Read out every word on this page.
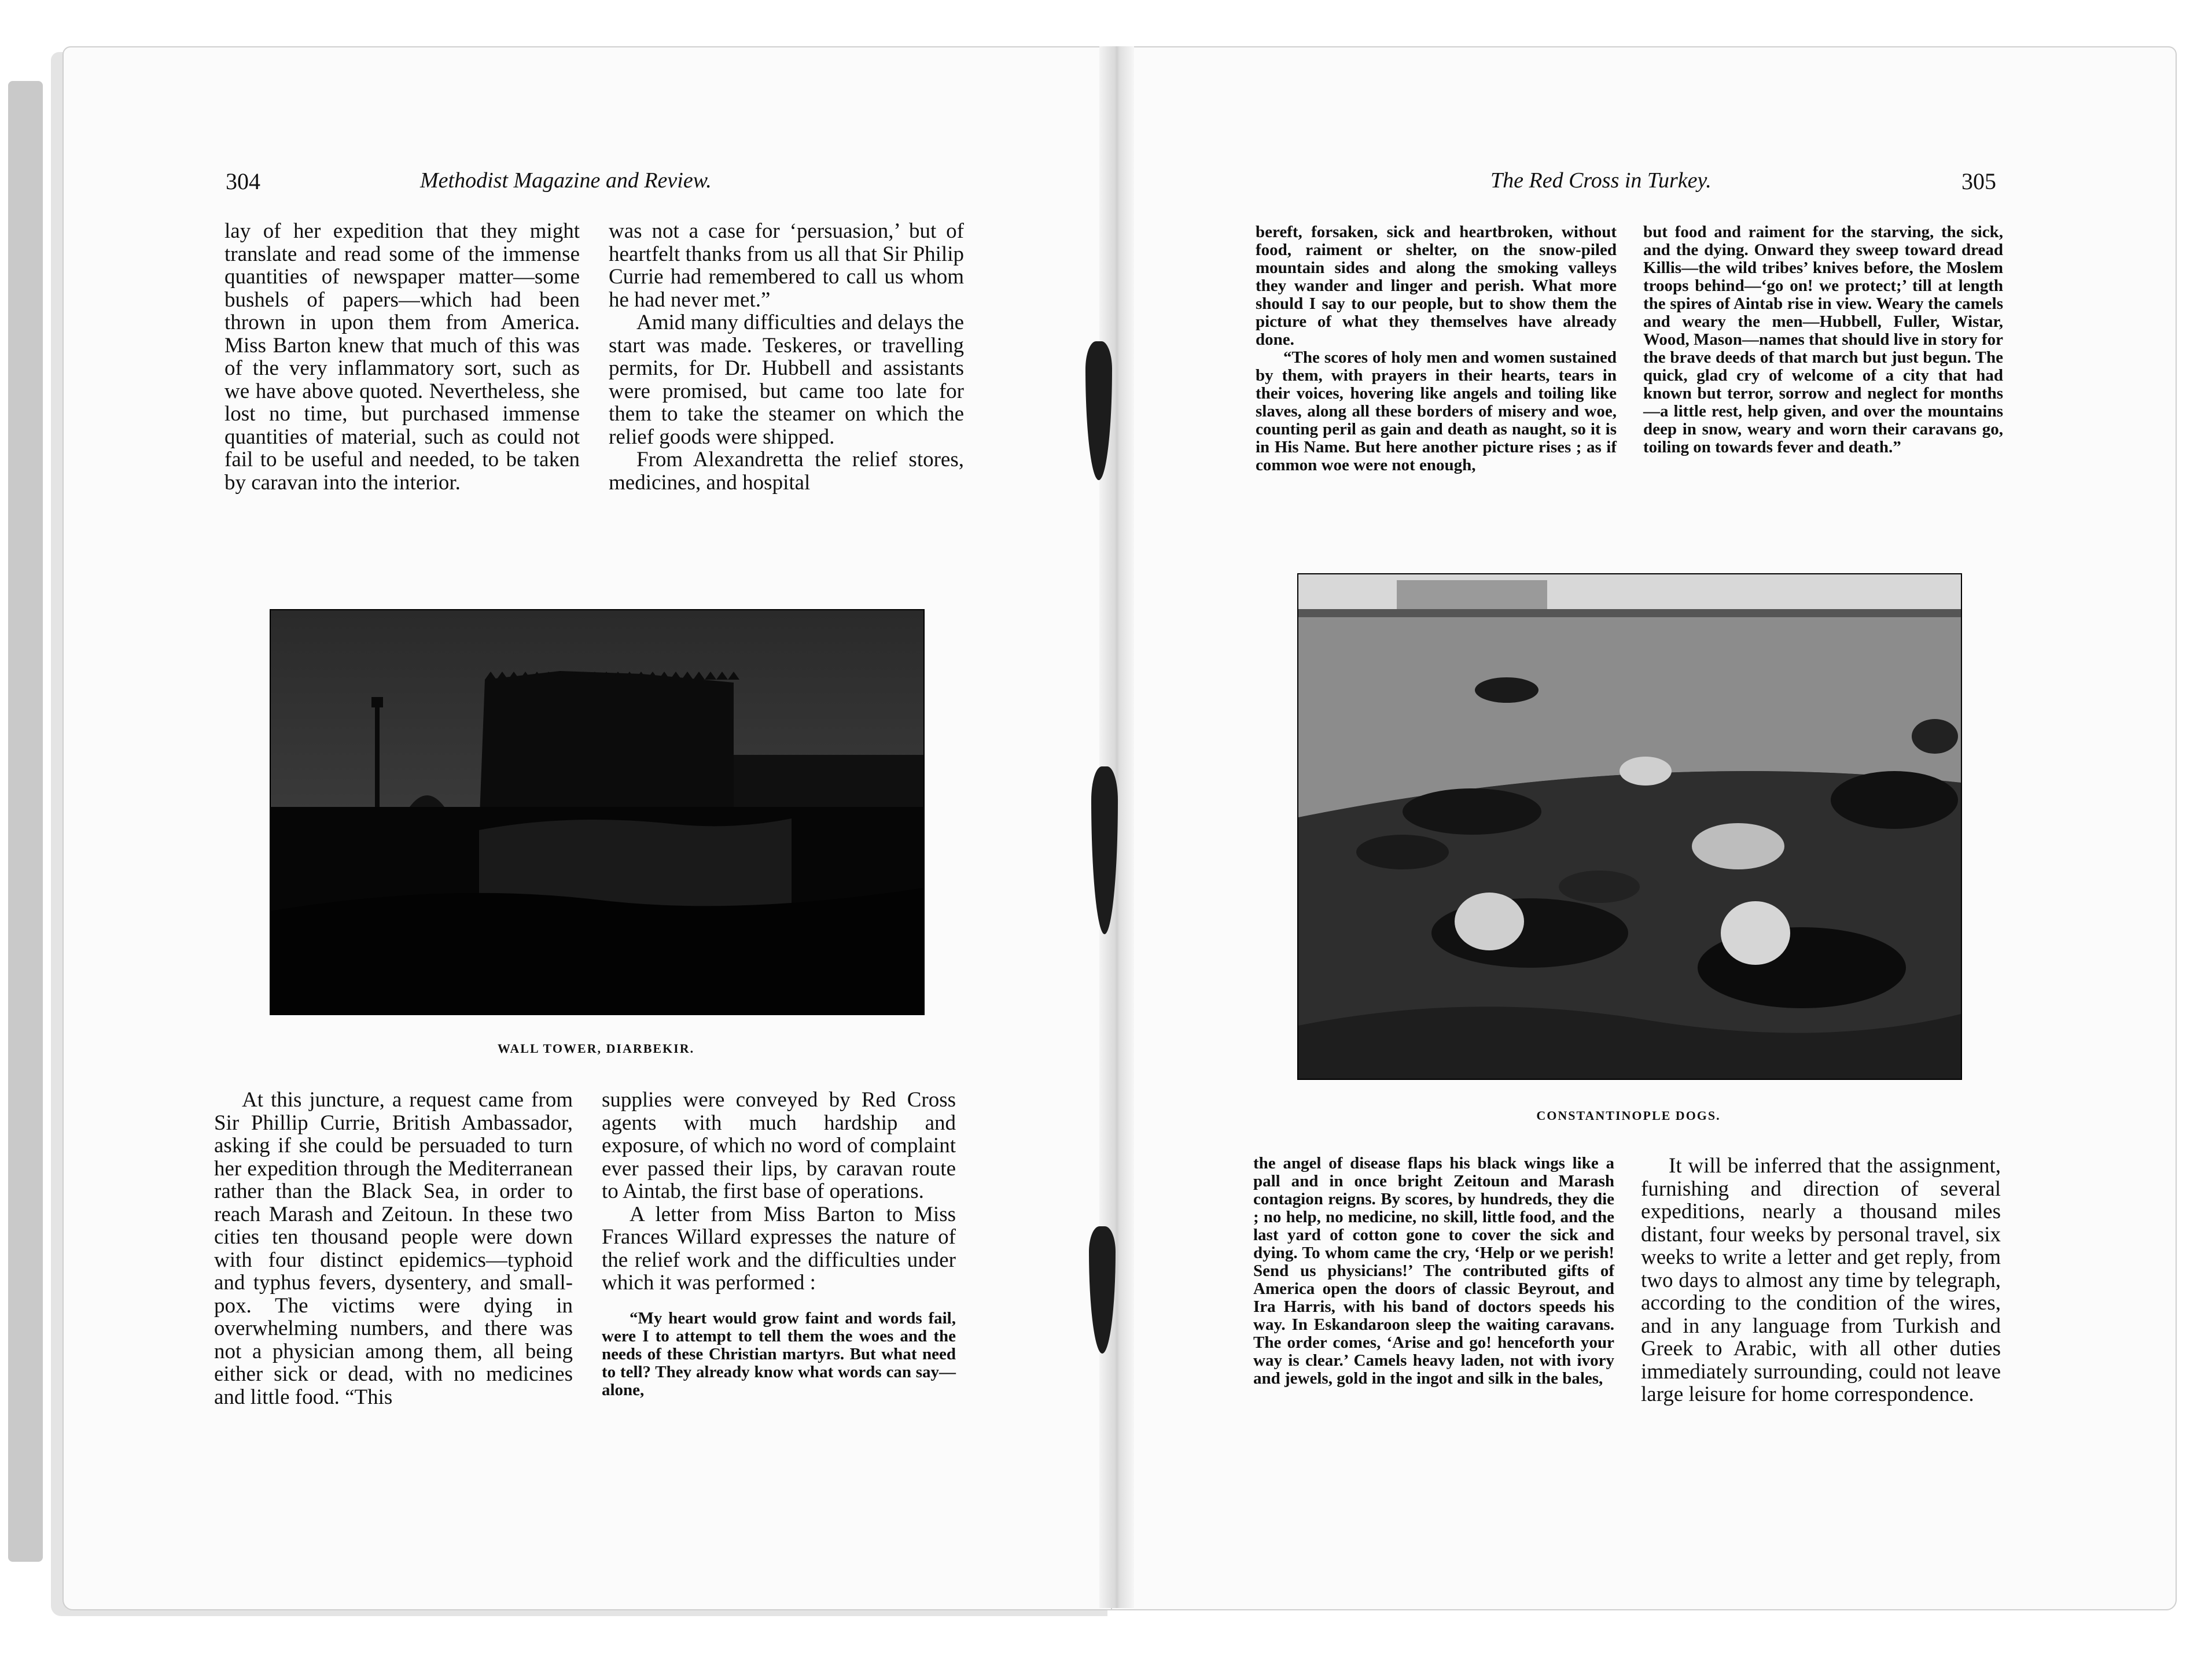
304	Methodist Magazine and Review.

lay of her expedition that they might translate and read some of the immense quantities of newspaper matter—some bushels of papers—which had been thrown in upon them from America. Miss Barton knew that much of this was of the very inflammatory sort, such as we have above quoted. Nevertheless, she lost no time, but purchased immense quantities of material, such as could not fail to be useful and needed, to be taken by caravan into the interior.

was not a case for ‘persuasion,’ but of heartfelt thanks from us all that Sir Philip Currie had remembered to call us whom he had never met.”

Amid many difficulties and delays the start was made. Teskeres, or travelling permits, for Dr. Hubbell and assistants were promised, but came too late for them to take the steamer on which the relief goods were shipped.

From Alexandretta the relief stores, medicines, and hospital

WALL TOWER, DIARBEKIR.

At this juncture, a request came from Sir Phillip Currie, British Ambassador, asking if she could be persuaded to turn her expedition through the Mediterranean rather than the Black Sea, in order to reach Marash and Zeitoun. In these two cities ten thousand people were down with four distinct epidemics—typhoid and typhus fevers, dysentery, and small-pox. The victims were dying in overwhelming numbers, and there was not a physician among them, all being either sick or dead, with no medicines and little food. “This

supplies were conveyed by Red Cross agents with much hardship and exposure, of which no word of complaint ever passed their lips, by caravan route to Aintab, the first base of operations.

A letter from Miss Barton to Miss Frances Willard expresses the nature of the relief work and the difficulties under which it was performed :

“My heart would grow faint and words fail, were I to attempt to tell them the woes and the needs of these Christian martyrs. But what need to tell? They already know what words can say—alone,

The Red Cross in Turkey.	305

bereft, forsaken, sick and heartbroken, without food, raiment or shelter, on the snow-piled mountain sides and along the smoking valleys they wander and linger and perish. What more should I say to our people, but to show them the picture of what they themselves have already done.

“The scores of holy men and women sustained by them, with prayers in their hearts, tears in their voices, hovering like angels and toiling like slaves, along all these borders of misery and woe, counting peril as gain and death as naught, so it is in His Name. But here another picture rises ; as if common woe were not enough,

but food and raiment for the starving, the sick, and the dying. Onward they sweep toward dread Killis—the wild tribes’ knives before, the Moslem troops behind—‘go on! we protect;’ till at length the spires of Aintab rise in view. Weary the camels and weary the men—Hubbell, Fuller, Wistar, Wood, Mason—names that should live in story for the brave deeds of that march but just begun. The quick, glad cry of welcome of a city that had known but terror, sorrow and neglect for months—a little rest, help given, and over the mountains deep in snow, weary and worn their caravans go, toiling on towards fever and death.”

CONSTANTINOPLE DOGS.

the angel of disease flaps his black wings like a pall and in once bright Zeitoun and Marash contagion reigns. By scores, by hundreds, they die ; no help, no medicine, no skill, little food, and the last yard of cotton gone to cover the sick and dying. To whom came the cry, ‘Help or we perish! Send us physicians!’ The contributed gifts of America open the doors of classic Beyrout, and Ira Harris, with his band of doctors speeds his way. In Eskandaroon sleep the waiting caravans. The order comes, ‘Arise and go! henceforth your way is clear.’ Camels heavy laden, not with ivory and jewels, gold in the ingot and silk in the bales,

It will be inferred that the assignment, furnishing and direction of several expeditions, nearly a thousand miles distant, four weeks by personal travel, six weeks to write a letter and get reply, from two days to almost any time by telegraph, according to the condition of the wires, and in any language from Turkish and Greek to Arabic, with all other duties immediately surrounding, could not leave large leisure for home correspondence.
